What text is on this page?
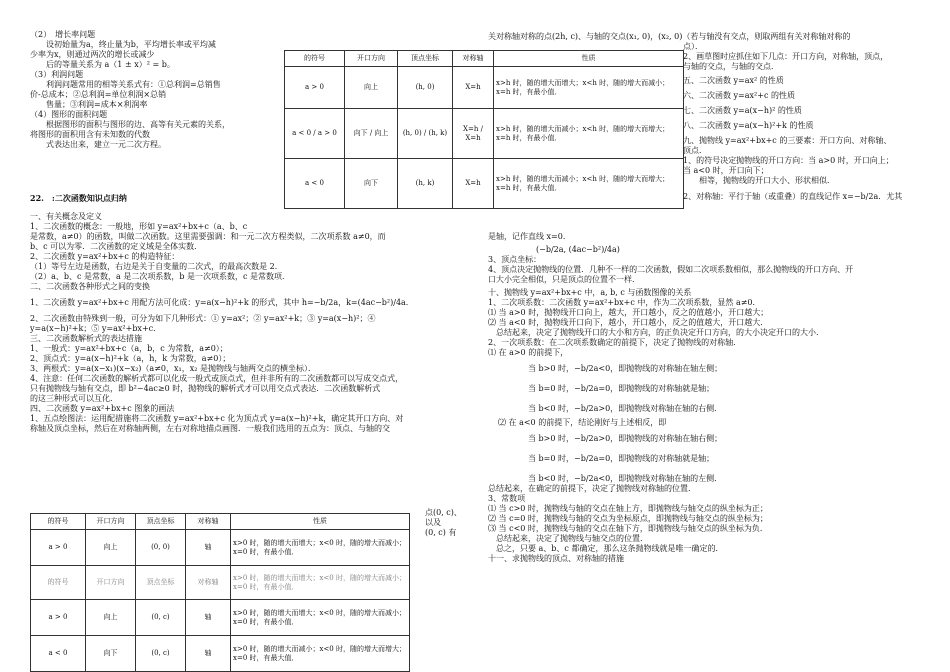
（2）　增长率问题

　　设初始量为a，终止量为b，平均增长率或平均减

少率为x，则通过两次的增长或减少

　　后的等量关系为 a（1 ± x）² = b。

（3）利润问题

　　利润问题常用的相等关系式有：①总利润=总销售

价-总成本；②总利润=单位利润×总销

　　售量；③利润=成本×利润率

（4）图形的面积问题

　　根据图形的面积与图形的边、高等有关元素的关系，

将图形的面积用含有未知数的代数

　　式表达出来，建立一元二次方程。

22.　:二次函数知识点归纳

一、有关概念及定义

1、二次函数的概念：一般地，形如 y=ax²+bx+c（a、b、c

是常数，a≠0）的函数，叫做二次函数。这里需要强调：和一元二次方程类似，二次项系数 a≠0，而

b、c 可以为零．二次函数的定义域是全体实数．

2、二次函数 y=ax²+bx+c 的构造特征：

（1）等号左边是函数，右边是关于自变量的二次式，的最高次数是 2．

（2）a、b、c 是常数，a 是二次项系数，b 是一次项系数，c 是常数项．

二、二次函数各种形式之间的变换

1、二次函数 y=ax²+bx+c 用配方法可化成：y=a(x−h)²+k 的形式，其中 h=−b/2a，k=(4ac−b²)/4a．

2、二次函数由特殊到一般，可分为如下几种形式：① y=ax²；② y=ax²+k；③ y=a(x−h)²；④

y=a(x−h)²+k；⑤ y=ax²+bx+c．

三、二次函数解析式的表达措施

1、一般式：y=ax²+bx+c（a，b，c 为常数，a≠0）；

2、顶点式：y=a(x−h)²+k（a，h，k 为常数，a≠0）；

3、两根式：y=a(x−x₁)(x−x₂)（a≠0，x₁，x₂ 是抛物线与轴两交点的横坐标）．

4、注意：任何二次函数的解析式都可以化成一般式或顶点式，但并非所有的二次函数都可以写成交点式，

只有抛物线与轴有交点，即 b²−4ac≥0 时，抛物线的解析式才可以用交点式表达．二次函数解析式

的这三种形式可以互化．

四、二次函数 y=ax²+bx+c 图象的画法

1、五点绘图法：运用配措施将二次函数 y=ax²+bx+c 化为顶点式 y=a(x−h)²+k，确定其开口方向、对

称轴及顶点坐标，然后在对称轴两侧，左右对称地描点画图．一般我们选用的五点为：顶点、与轴的交

点(0, c)、

以及

(0, c) 有

的符号	开口方向	顶点坐标	对称轴	性质
a > 0	向上	(0, 0)	轴	x>0 时，随的增大而增大；x<0 时，随的增大而减小；x=0 时，有最小值．
的符号	开口方向	顶点坐标	对称轴	x>0 时，随的增大而增大；x<0 时，随的增大而减小；x=0 时，有最小值．
a > 0	向上	(0, c)	轴	x>0 时，随的增大而增大；x<0 时，随的增大而减小；x=0 时，有最小值．
a < 0	向下	(0, c)	轴	x>0 时，随的增大而减小；x<0 时，随的增大而增大；x=0 时，有最大值．
的符号	开口方向	顶点坐标	对称轴	性质
a > 0	向上	(h, 0)	X=h	x>h 时，随的增大而增大；x<h 时，随的增大而减小；x=h 时，有最小值．
a < 0 / a > 0	向下 / 向上	(h, 0) / (h, k)	X=h / X=h	x>h 时，随的增大而减小；x<h 时，随的增大而增大；x=h 时，有最小值．
a < 0	向下	(h, k)	X=h	x>h 时，随的增大而减小；x<h 时，随的增大而增大；x=h 时，有最大值．

关对称轴对称的点(2h, c)、与轴的交点(x₁, 0)，(x₂, 0)（若与轴没有交点，则取两组有关对称轴对称的

点）．

2、画草图时应抓住如下几点：开口方向，对称轴，顶点，

与轴的交点，与轴的交点．

五、二次函数 y=ax² 的性质

六、二次函数 y=ax²+c 的性质

七、二次函数 y=a(x−h)² 的性质

八、二次函数 y=a(x−h)²+k 的性质

九、抛物线 y=ax²+bx+c 的三要素：开口方向、对称轴、

顶点．

1、的符号决定抛物线的开口方向：当 a>0 时，开口向上；

当 a<0 时，开口向下；

　　相等，抛物线的开口大小、形状相似．

2、对称轴：平行于轴（或重叠）的直线记作 x=−b/2a．尤其

是轴，记作直线 x=0．

　(−b/2a, (4ac−b²)/4a)

3、顶点坐标：

4、顶点决定抛物线的位置．几种不一样的二次函数，假如二次项系数相似，那么抛物线的开口方向、开

口大小完全相似，只是顶点的位置不一样．

十、抛物线 y=ax²+bx+c 中，a, b, c 与函数图像的关系

1、二次项系数：二次函数 y=ax²+bx+c 中，作为二次项系数，显然 a≠0．

⑴ 当 a>0 时，抛物线开口向上，越大，开口越小，反之的值越小，开口越大；

⑵ 当 a<0 时，抛物线开口向下，越小，开口越小，反之的值越大，开口越大．

　总结起来，决定了抛物线开口的大小和方向，的正负决定开口方向，的大小决定开口的大小．

2、一次项系数：在二次项系数确定的前提下，决定了抛物线的对称轴．

⑴ 在 a>0 的前提下，

当 b>0 时，−b/2a<0，即抛物线的对称轴在轴左侧；

当 b=0 时，−b/2a=0，即抛物线的对称轴就是轴；

当 b<0 时，−b/2a>0，即抛物线对称轴在轴的右侧．

⑵ 在 a<0 的前提下，结论刚好与上述相反，即

当 b>0 时，−b/2a>0，即抛物线的对称轴在轴右侧；

当 b=0 时，−b/2a=0，即抛物线的对称轴就是轴；

当 b<0 时，−b/2a<0，即抛物线对称轴在轴的左侧．

总结起来，在确定的前提下，决定了抛物线对称轴的位置．

3、常数项

⑴ 当 c>0 时，抛物线与轴的交点在轴上方，即抛物线与轴交点的纵坐标为正；

⑵ 当 c=0 时，抛物线与轴的交点为坐标原点，即抛物线与轴交点的纵坐标为；

⑶ 当 c<0 时，抛物线与轴的交点在轴下方，即抛物线与轴交点的纵坐标为负．

　总结起来，决定了抛物线与轴交点的位置．

　总之，只要 a、b、c 都确定，那么这条抛物线就是唯一确定的．

十一、求抛物线的顶点、对称轴的措施
